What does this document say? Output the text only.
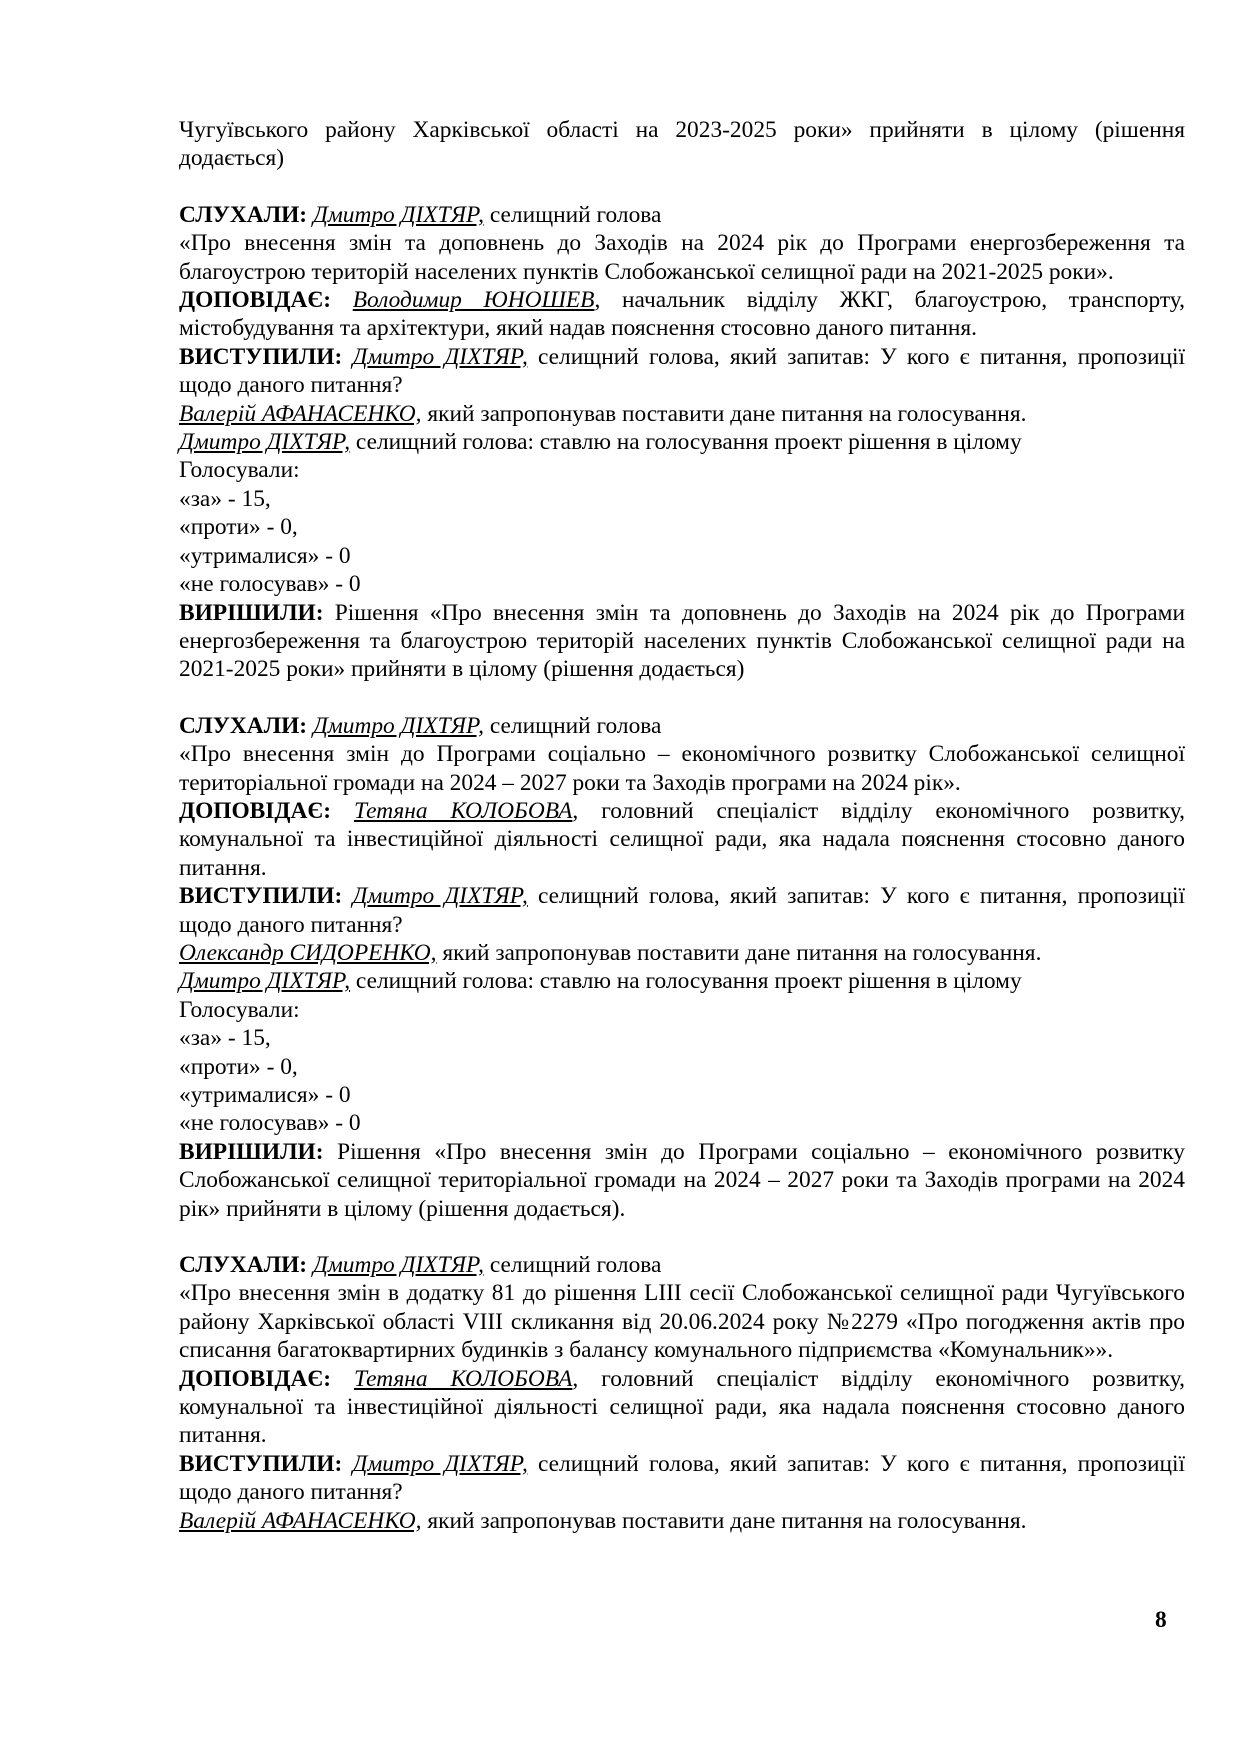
Чугуївського району Харківської області на 2023-2025 роки» прийняти в цілому (рішення додається)

СЛУХАЛИ: Дмитро ДІХТЯР, селищний голова

«Про внесення змін та доповнень до Заходів на 2024 рік до Програми енергозбереження та благоустрою територій населених пунктів Слобожанської селищної ради на 2021-2025 роки».

ДОПОВІДАЄ: Володимир ЮНОШЕВ, начальник відділу ЖКГ, благоустрою, транспорту, містобудування та архітектури, який надав пояснення стосовно даного питання.

ВИСТУПИЛИ: Дмитро ДІХТЯР, селищний голова, який запитав: У кого є питання, пропозиції щодо даного питання?

Валерій АФАНАСЕНКО, який запропонував поставити дане питання на голосування.

Дмитро ДІХТЯР, селищний голова: ставлю на голосування проект рішення в цілому

Голосували:

«за» - 15,

«проти» - 0,

«утрималися» - 0

«не голосував» - 0

ВИРІШИЛИ: Рішення «Про внесення змін та доповнень до Заходів на 2024 рік до Програми енергозбереження та благоустрою територій населених пунктів Слобожанської селищної ради на 2021-2025 роки» прийняти в цілому (рішення додається)

СЛУХАЛИ: Дмитро ДІХТЯР, селищний голова

«Про внесення змін до Програми соціально – економічного розвитку Слобожанської селищної територіальної громади на 2024 – 2027 роки та Заходів програми на 2024 рік».

ДОПОВІДАЄ: Тетяна КОЛОБОВА, головний спеціаліст відділу економічного розвитку, комунальної та інвестиційної діяльності селищної ради, яка надала пояснення стосовно даного питання.

ВИСТУПИЛИ: Дмитро ДІХТЯР, селищний голова, який запитав: У кого є питання, пропозиції щодо даного питання?

Олександр СИДОРЕНКО, який запропонував поставити дане питання на голосування.

Дмитро ДІХТЯР, селищний голова: ставлю на голосування проект рішення в цілому

Голосували:

«за» - 15,

«проти» - 0,

«утрималися» - 0

«не голосував» - 0

ВИРІШИЛИ: Рішення «Про внесення змін до Програми соціально – економічного розвитку Слобожанської селищної територіальної громади на 2024 – 2027 роки та Заходів програми на 2024 рік» прийняти в цілому (рішення додається).

СЛУХАЛИ: Дмитро ДІХТЯР, селищний голова

«Про внесення змін в додатку 81 до рішення LIII сесії Слобожанської селищної ради Чугуївського району Харківської області VIII скликання від 20.06.2024 року №2279 «Про погодження актів про списання багатоквартирних будинків з балансу комунального підприємства «Комунальник»».

ДОПОВІДАЄ: Тетяна КОЛОБОВА, головний спеціаліст відділу економічного розвитку, комунальної та інвестиційної діяльності селищної ради, яка надала пояснення стосовно даного питання.

ВИСТУПИЛИ: Дмитро ДІХТЯР, селищний голова, який запитав: У кого є питання, пропозиції щодо даного питання?

Валерій АФАНАСЕНКО, який запропонував поставити дане питання на голосування.

8
